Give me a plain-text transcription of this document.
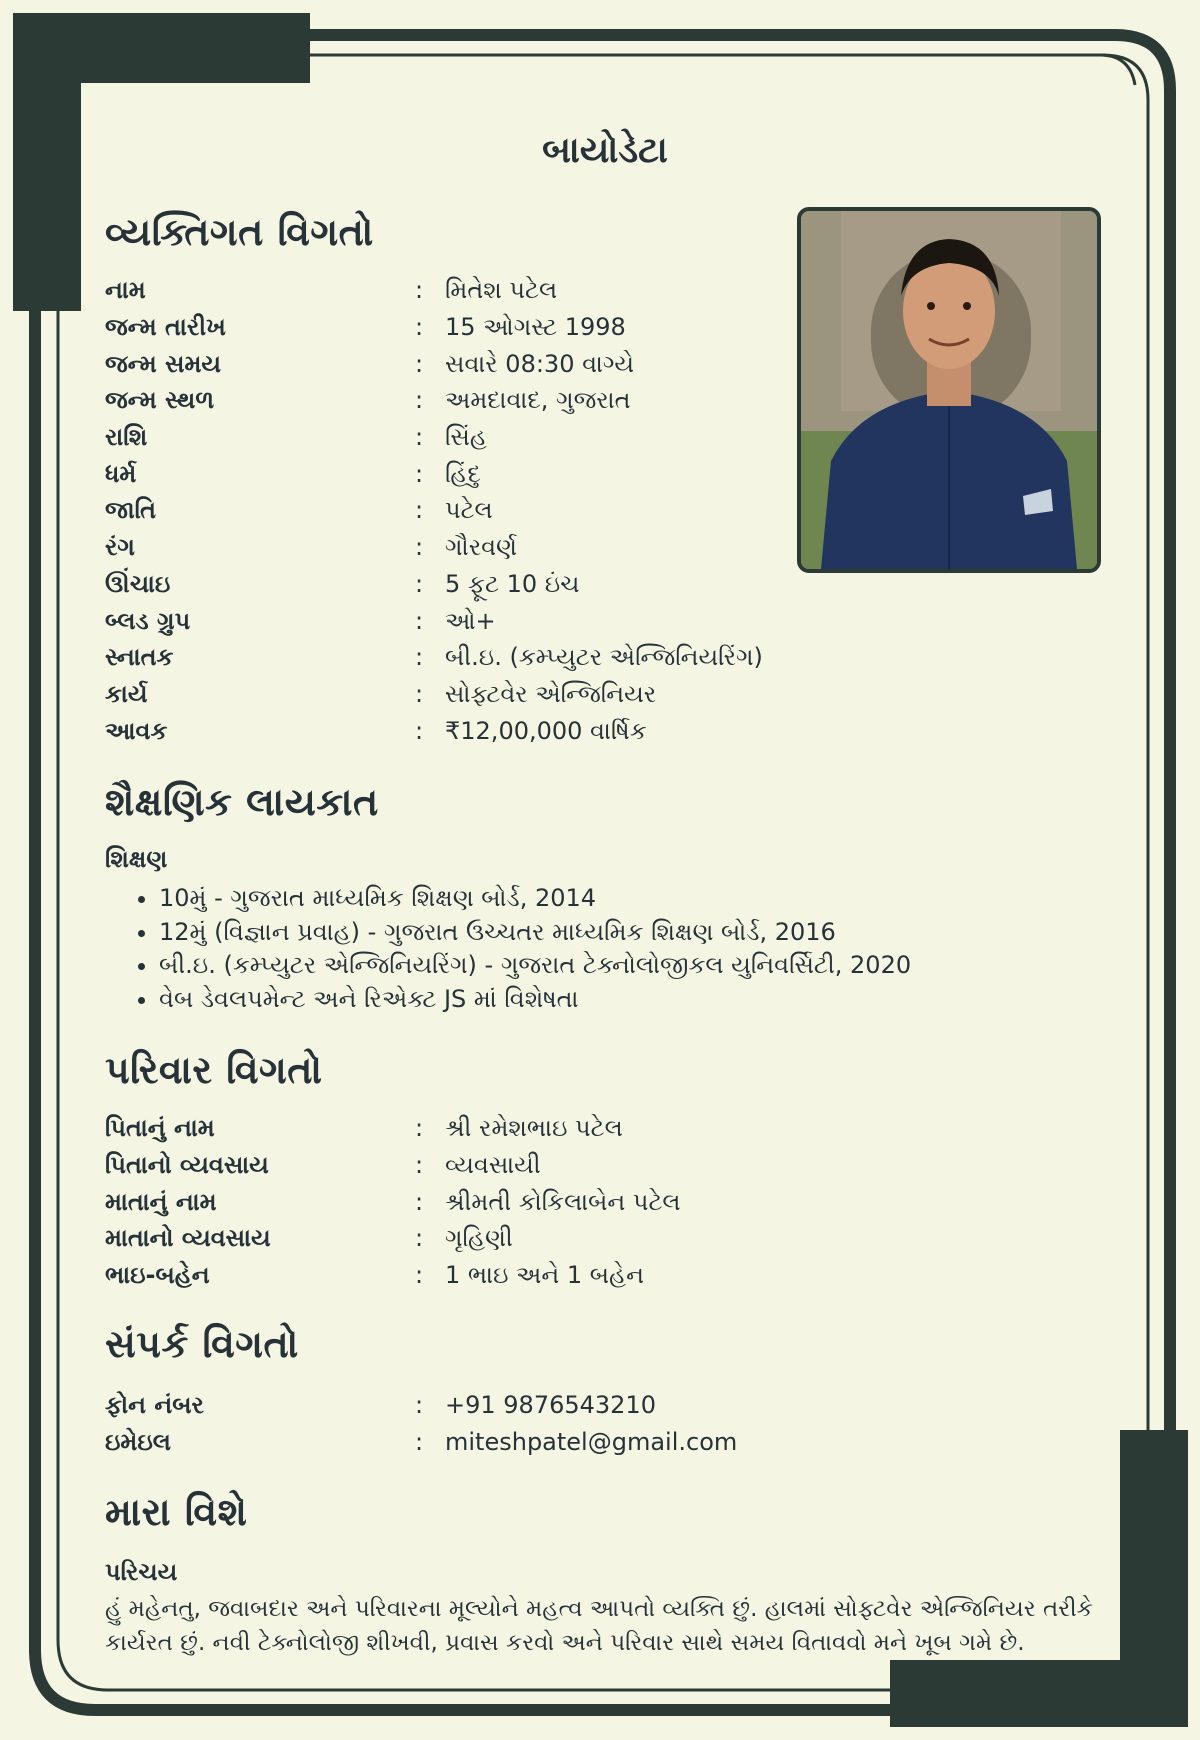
બાયોડેટા
વ્યક્તિગત વિગતો
નામ	: મિતેશ પટેલ
જન્મ તારીખ	: 15 ઓગસ્ટ 1998
જન્મ સમય	: સવારે 08:30 વાગ્યે
જન્મ સ્થળ	: અમદાવાદ, ગુજરાત
રાશિ	: સિંહ
ધર્મ	: હિંદુ
જાતિ	: પટેલ
રંગ	: ગૌરવર્ણ
ઊંચાઇ	: 5 ફૂટ 10 ઇંચ
બ્લડ ગ્રુપ	: ઓ+
સ્નાતક	: બી.ઇ. (કમ્પ્યુટર એન્જિનિયરિંગ)
કાર્ય	: સોફ્ટવેર એન્જિનિયર
આવક	: ₹12,00,000 વાર્ષિક
શૈક્ષણિક લાયકાત
શિક્ષણ
• 10મું - ગુજરાત માધ્યમિક શિક્ષણ બોર્ડ, 2014
• 12મું (વિજ્ઞાન પ્રવાહ) - ગુજરાત ઉચ્ચતર માધ્યમિક શિક્ષણ બોર્ડ, 2016
• બી.ઇ. (કમ્પ્યુટર એન્જિનિયરિંગ) - ગુજરાત ટેક્નોલોજીકલ યુનિવર્સિટી, 2020
• વેબ ડેવલપમેન્ટ અને રિએક્ટ JS માં વિશેષતા
પરિવાર વિગતો
પિતાનું નામ	: શ્રી રમેશભાઇ પટેલ
પિતાનો વ્યવસાય	: વ્યવસાયી
માતાનું નામ	: શ્રીમતી કોકિલાબેન પટેલ
માતાનો વ્યવસાય	: ગૃહિણી
ભાઇ-બહેન	: 1 ભાઇ અને 1 બહેન
સંપર્ક વિગતો
ફોન નંબર	: +91 9876543210
ઇમેઇલ	: miteshpatel@gmail.com
મારા વિશે
પરિચય
હું મહેનતુ, જવાબદાર અને પરિવારના મૂલ્યોને મહત્વ આપતો વ્યક્તિ છું. હાલમાં સોફ્ટવેર એન્જિનિયર તરીકે કાર્યરત છું. નવી ટેક્નોલોજી શીખવી, પ્રવાસ કરવો અને પરિવાર સાથે સમય વિતાવવો મને ખૂબ ગમે છે.
